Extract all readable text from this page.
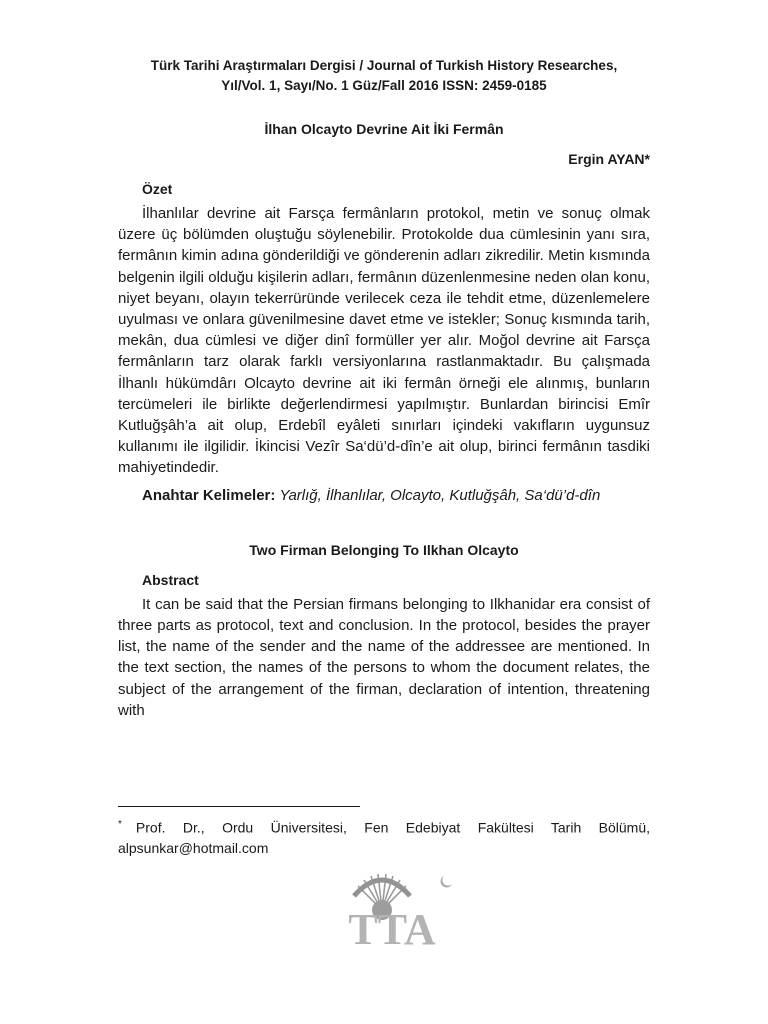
Türk Tarihi Araştırmaları Dergisi / Journal of Turkish History Researches,
Yıl/Vol. 1, Sayı/No. 1 Güz/Fall 2016 ISSN: 2459-0185
İlhan Olcayto Devrine Ait İki Fermân
Ergin AYAN*
Özet
İlhanlılar devrine ait Farsça fermânların protokol, metin ve sonuç olmak üzere üç bölümden oluştuğu söylenebilir. Protokolde dua cümlesinin yanı sıra, fermânın kimin adına gönderildiği ve gönderenin adları zikredilir. Metin kısmında belgenin ilgili olduğu kişilerin adları, fermânın düzenlenmesine neden olan konu, niyet beyanı, olayın tekerrüründe verilecek ceza ile tehdit etme, düzenlemelere uyulması ve onlara güvenilmesine davet etme ve istekler; Sonuç kısmında tarih, mekân, dua cümlesi ve diğer dinî formüller yer alır. Moğol devrine ait Farsça fermânların tarz olarak farklı versiyonlarına rastlanmaktadır. Bu çalışmada İlhanlı hükümdârı Olcayto devrine ait iki fermân örneği ele alınmış, bunların tercümeleri ile birlikte değerlendirmesi yapılmıştır. Bunlardan birincisi Emîr Kutluğşâh’a ait olup, Erdebîl eyâleti sınırları içindeki vakıfların uygunsuz kullanımı ile ilgilidir. İkincisi Vezîr Sa‘dü’d-dîn’e ait olup, birinci fermânın tasdiki mahiyetindedir.
Anahtar Kelimeler: Yarlığ, İlhanlılar, Olcayto, Kutluğşâh, Sa‘dü’d-dîn
Two Firman Belonging To Ilkhan Olcayto
Abstract
It can be said that the Persian firmans belonging to Ilkhanidar era consist of three parts as protocol, text and conclusion. In the protocol, besides the prayer list, the name of the sender and the name of the addressee are mentioned. In the text section, the names of the persons to whom the document relates, the subject of the arrangement of the firman, declaration of intention, threatening with
* Prof. Dr., Ordu Üniversitesi, Fen Edebiyat Fakültesi Tarih Bölümü, alpsunkar@hotmail.com
TTA
